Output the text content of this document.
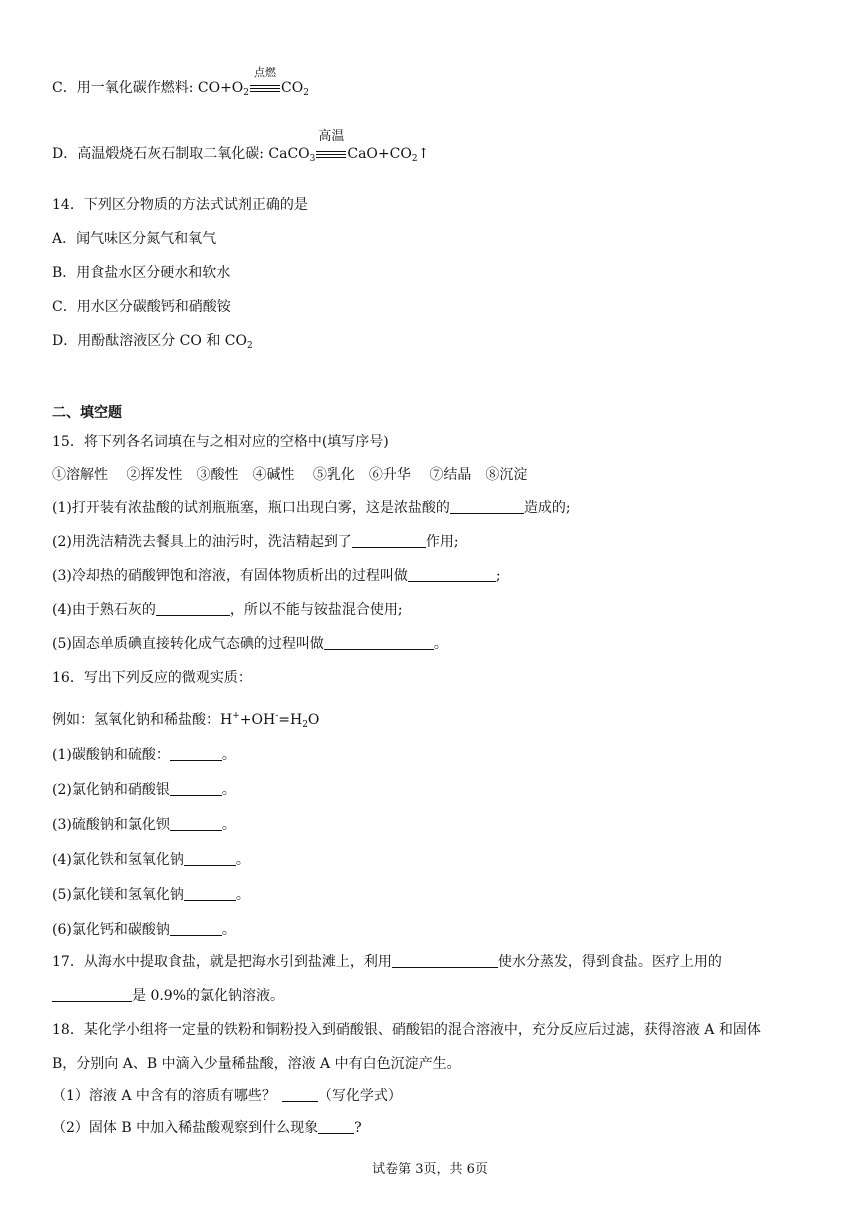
C．用一氧化碳作燃料: $CO+O_2$
点燃
$CO_2$
D．高温煅烧石灰石制取二氧化碳: CaCO$_3$
高温
$CaO+CO_2↑$
14．下列区分物质的方法式试剂正确的是
A．闻气味区分氮气和氧气
B．用食盐水区分硬水和软水
C．用水区分碳酸钙和硝酸铵
D．用酚酞溶液区分 CO 和 $CO_2$
二、填空题
15．将下列各名词填在与之相对应的空格中(填写序号)
①溶解性　 ②挥发性　③酸性　④碱性　 ⑤乳化　⑥升华　 ⑦结晶　⑧沉淀
(1)打开装有浓盐酸的试剂瓶瓶塞，瓶口出现白雾，这是浓盐酸的	造成的;
(2)用洗洁精洗去餐具上的油污时，洗洁精起到了	作用;
(3)冷却热的硝酸钾饱和溶液，有固体物质析出的过程叫做	;
(4)由于熟石灰的	，所以不能与铵盐混合使用;
(5)固态单质碘直接转化成气态碘的过程叫做	。
16．写出下列反应的微观实质：
例如：氢氧化钠和稀盐酸：$H^++OH^-=H_2O$
(1)碳酸钠和硫酸：	。
(2)氯化钠和硝酸银	。
(3)硫酸钠和氯化钡	。
(4)氯化铁和氢氧化钠	。
(5)氯化镁和氢氧化钠	。
(6)氯化钙和碳酸钠	。
17．从海水中提取食盐，就是把海水引到盐滩上，利用	使水分蒸发，得到食盐。医疗上用的
是 0.9%的氯化钠溶液。
18．某化学小组将一定量的铁粉和铜粉投入到硝酸银、硝酸铝的混合溶液中，充分反应后过滤，获得溶液 A 和固体
B，分别向 A、B 中滴入少量稀盐酸，溶液 A 中有白色沉淀产生。
（1）溶液 A 中含有的溶质有哪些？	（写化学式）
（2）固体 B 中加入稀盐酸观察到什么现象	?
试卷第 3页，共 6页
